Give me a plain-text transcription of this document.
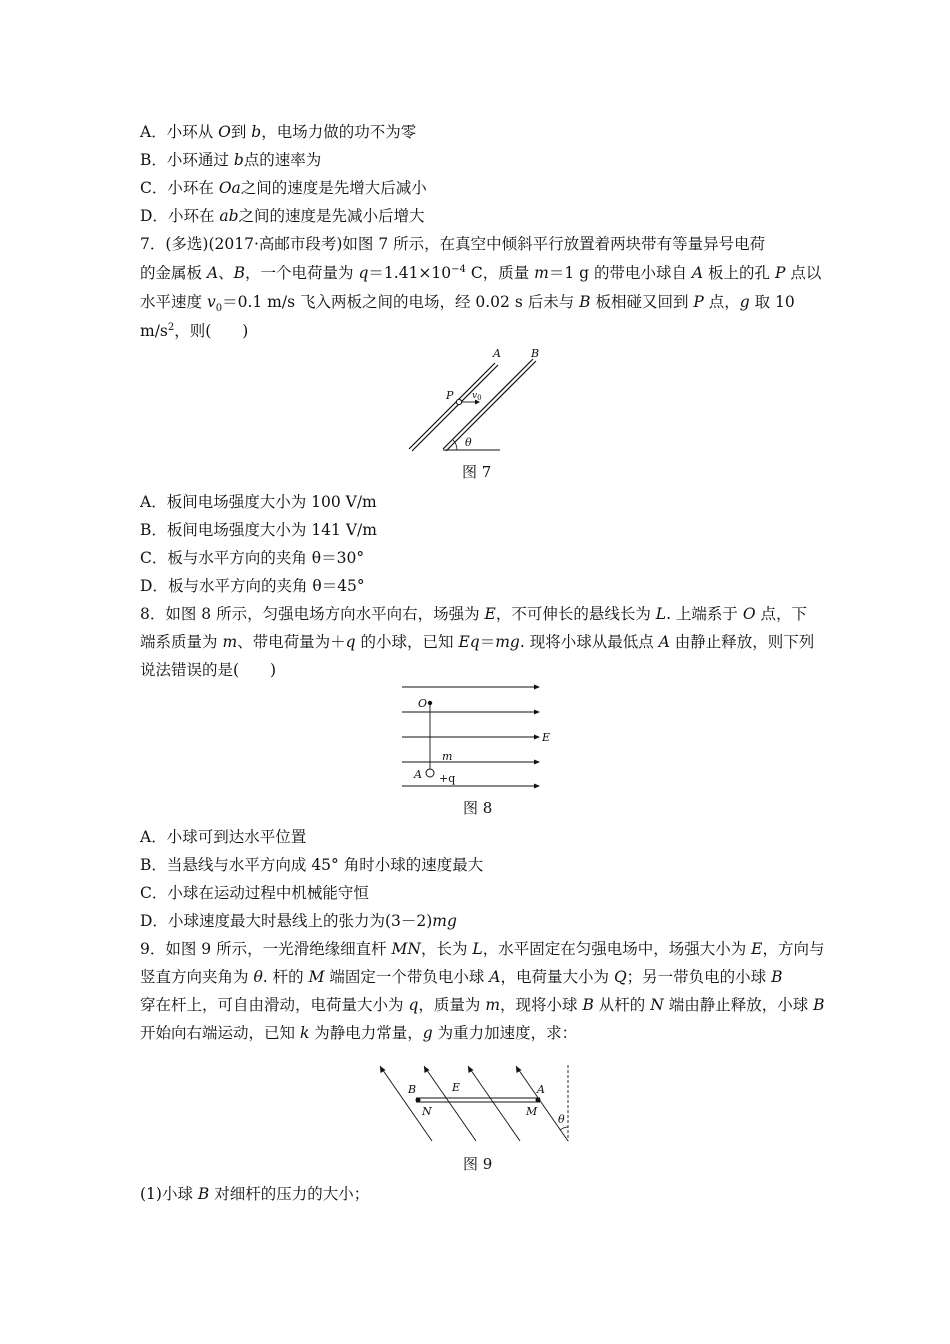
A．小环从 O到 b，电场力做的功不为零
B．小环通过 b点的速率为
C．小环在 Oa之间的速度是先增大后减小
D．小环在 ab之间的速度是先减小后增大
7．(多选)(2017·高邮市段考)如图 7 所示，在真空中倾斜平行放置着两块带有等量异号电荷
的金属板 A、B，一个电荷量为 $q=1.41\times 10^{-4}$ C，质量 m＝1 g 的带电小球自 A 板上的孔 P 点以
水平速度 $v_0=0.1$ m/s 飞入两板之间的电场，经 0.02 s 后未与 B 板相碰又回到 P 点，g 取 10
$m/s^2$，则(　　)
A	B
P $v_0$
θ
图 7
A．板间电场强度大小为 100 V/m
B．板间电场强度大小为 141 V/m
C．板与水平方向的夹角 θ＝30°
D．板与水平方向的夹角 θ＝45°
8．如图 8 所示，匀强电场方向水平向右，场强为 E，不可伸长的悬线长为 L. 上端系于 O 点，下
端系质量为 m、带电荷量为＋q 的小球，已知 Eq＝mg. 现将小球从最低点 A 由静止释放，则下列
说法错误的是(　　)
O
E
m
A +q
图 8
A．小球可到达水平位置
B．当悬线与水平方向成 45° 角时小球的速度最大
C．小球在运动过程中机械能守恒
D．小球速度最大时悬线上的张力为(3－2)mg
9．如图 9 所示，一光滑绝缘细直杆 MN，长为 L，水平固定在匀强电场中，场强大小为 E，方向与
竖直方向夹角为 θ. 杆的 M 端固定一个带负电小球 A，电荷量大小为 Q；另一带负电的小球 B
穿在杆上，可自由滑动，电荷量大小为 q，质量为 m，现将小球 B 从杆的 N 端由静止释放，小球 B
开始向右端运动，已知 k 为静电力常量，g 为重力加速度，求：
B	E	A
N	M
θ
图 9
(1)小球 B 对细杆的压力的大小；
